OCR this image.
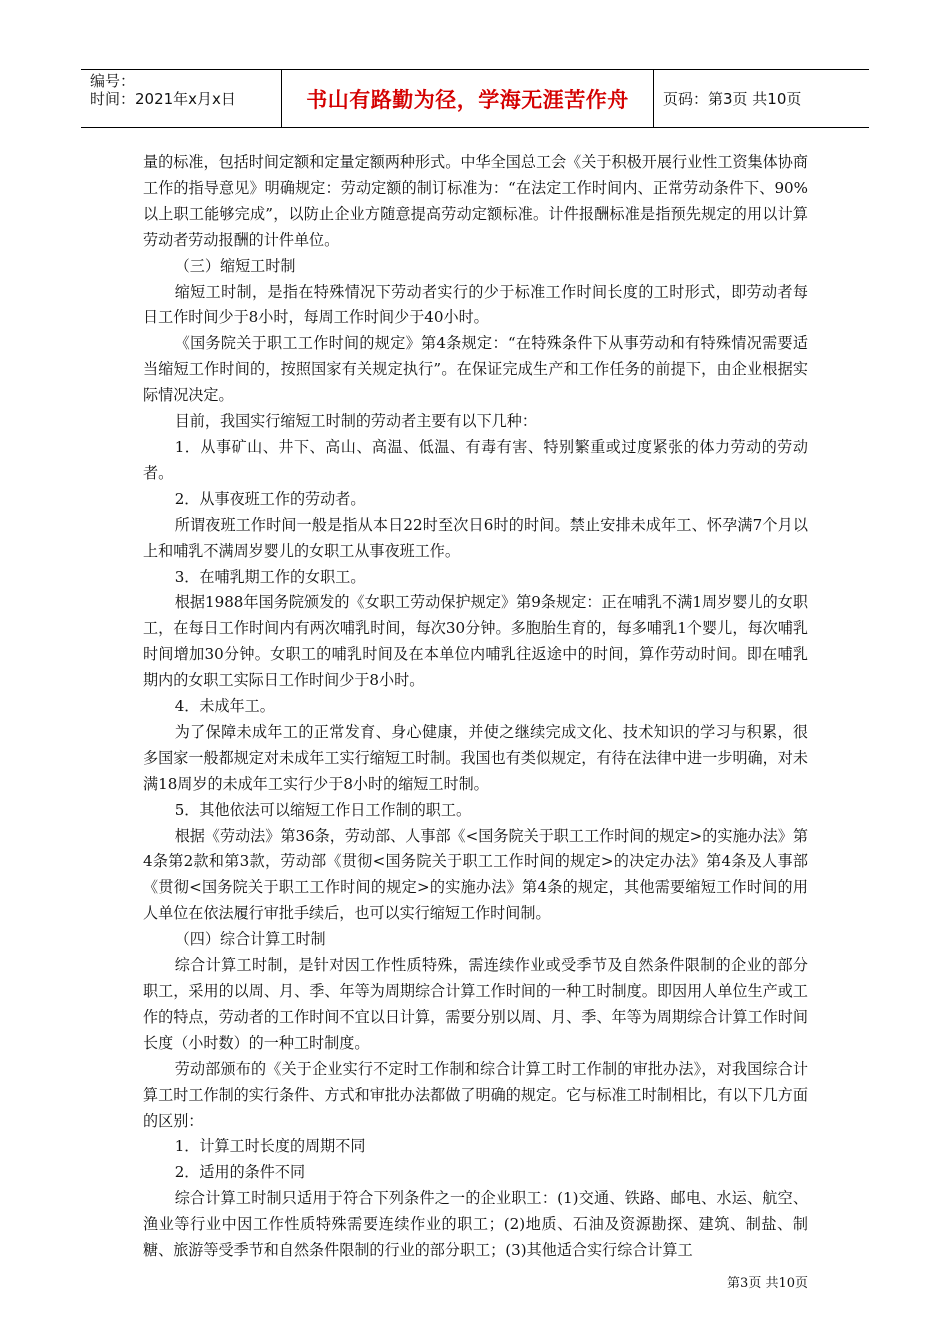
编号：
时间：2021年x月x日	书山有路勤为径，学海无涯苦作舟	页码：第3页 共10页

量的标准，包括时间定额和定量定额两种形式。中华全国总工会《关于积极开展行业性工资集体协商工作的指导意见》明确规定：劳动定额的制订标准为：“在法定工作时间内、正常劳动条件下、90%以上职工能够完成”，以防止企业方随意提高劳动定额标准。计件报酬标准是指预先规定的用以计算劳动者劳动报酬的计件单位。

（三）缩短工时制

缩短工时制，是指在特殊情况下劳动者实行的少于标准工作时间长度的工时形式，即劳动者每日工作时间少于8小时，每周工作时间少于40小时。

《国务院关于职工工作时间的规定》第4条规定：“在特殊条件下从事劳动和有特殊情况需要适当缩短工作时间的，按照国家有关规定执行”。在保证完成生产和工作任务的前提下，由企业根据实际情况决定。

目前，我国实行缩短工时制的劳动者主要有以下几种：

1．从事矿山、井下、高山、高温、低温、有毒有害、特别繁重或过度紧张的体力劳动的劳动者。

2．从事夜班工作的劳动者。

所谓夜班工作时间一般是指从本日22时至次日6时的时间。禁止安排未成年工、怀孕满7个月以上和哺乳不满周岁婴儿的女职工从事夜班工作。

3．在哺乳期工作的女职工。

根据1988年国务院颁发的《女职工劳动保护规定》第9条规定：正在哺乳不满1周岁婴儿的女职工，在每日工作时间内有两次哺乳时间，每次30分钟。多胞胎生育的，每多哺乳1个婴儿，每次哺乳时间增加30分钟。女职工的哺乳时间及在本单位内哺乳往返途中的时间，算作劳动时间。即在哺乳期内的女职工实际日工作时间少于8小时。

4．未成年工。

为了保障未成年工的正常发育、身心健康，并使之继续完成文化、技术知识的学习与积累，很多国家一般都规定对未成年工实行缩短工时制。我国也有类似规定，有待在法律中进一步明确，对未满18周岁的未成年工实行少于8小时的缩短工时制。

5．其他依法可以缩短工作日工作制的职工。

根据《劳动法》第36条，劳动部、人事部《<国务院关于职工工作时间的规定>的实施办法》第4条第2款和第3款，劳动部《贯彻<国务院关于职工工作时间的规定>的决定办法》第4条及人事部《贯彻<国务院关于职工工作时间的规定>的实施办法》第4条的规定，其他需要缩短工作时间的用人单位在依法履行审批手续后，也可以实行缩短工作时间制。

（四）综合计算工时制

综合计算工时制，是针对因工作性质特殊，需连续作业或受季节及自然条件限制的企业的部分职工，采用的以周、月、季、年等为周期综合计算工作时间的一种工时制度。即因用人单位生产或工作的特点，劳动者的工作时间不宜以日计算，需要分别以周、月、季、年等为周期综合计算工作时间长度（小时数）的一种工时制度。

劳动部颁布的《关于企业实行不定时工作制和综合计算工时工作制的审批办法》，对我国综合计算工时工作制的实行条件、方式和审批办法都做了明确的规定。它与标准工时制相比，有以下几方面的区别：

1．计算工时长度的周期不同

2．适用的条件不同

综合计算工时制只适用于符合下列条件之一的企业职工：(1)交通、铁路、邮电、水运、航空、渔业等行业中因工作性质特殊需要连续作业的职工；(2)地质、石油及资源勘探、建筑、制盐、制糖、旅游等受季节和自然条件限制的行业的部分职工；(3)其他适合实行综合计算工

第3页 共10页
